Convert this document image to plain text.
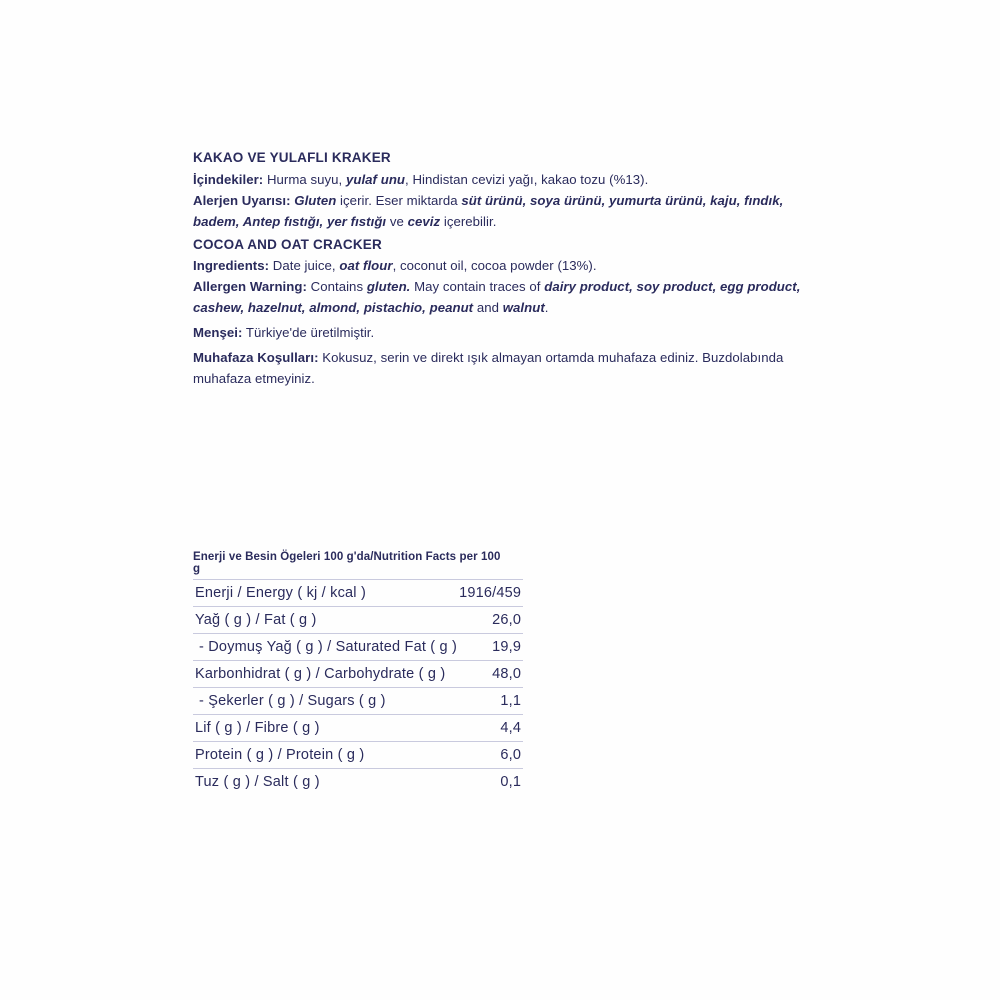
KAKAO VE YULAFLI KRAKER

İçindekiler: Hurma suyu, yulaf unu, Hindistan cevizi yağı, kakao tozu (%13).

Alerjen Uyarısı: Gluten içerir. Eser miktarda süt ürünü, soya ürünü, yumurta ürünü, kaju, fındık, badem, Antep fıstığı, yer fıstığı ve ceviz içerebilir.

COCOA AND OAT CRACKER

Ingredients: Date juice, oat flour, coconut oil, cocoa powder (13%).

Allergen Warning: Contains gluten. May contain traces of dairy product, soy product, egg product, cashew, hazelnut, almond, pistachio, peanut and walnut.

Menşei: Türkiye'de üretilmiştir.

Muhafaza Koşulları: Kokusuz, serin ve direkt ışık almayan ortamda muhafaza ediniz. Buzdolabında muhafaza etmeyiniz.

Enerji ve Besin Ögeleri 100 g'da/Nutrition Facts per 100 g
Enerji / Energy ( kj / kcal )	1916/459
Yağ ( g ) / Fat ( g )	26,0
- Doymuş Yağ ( g ) / Saturated Fat ( g )	19,9
Karbonhidrat ( g ) / Carbohydrate ( g )	48,0
- Şekerler ( g ) / Sugars ( g )	1,1
Lif ( g ) / Fibre ( g )	4,4
Protein ( g ) / Protein ( g )	6,0
Tuz ( g ) / Salt ( g )	0,1
